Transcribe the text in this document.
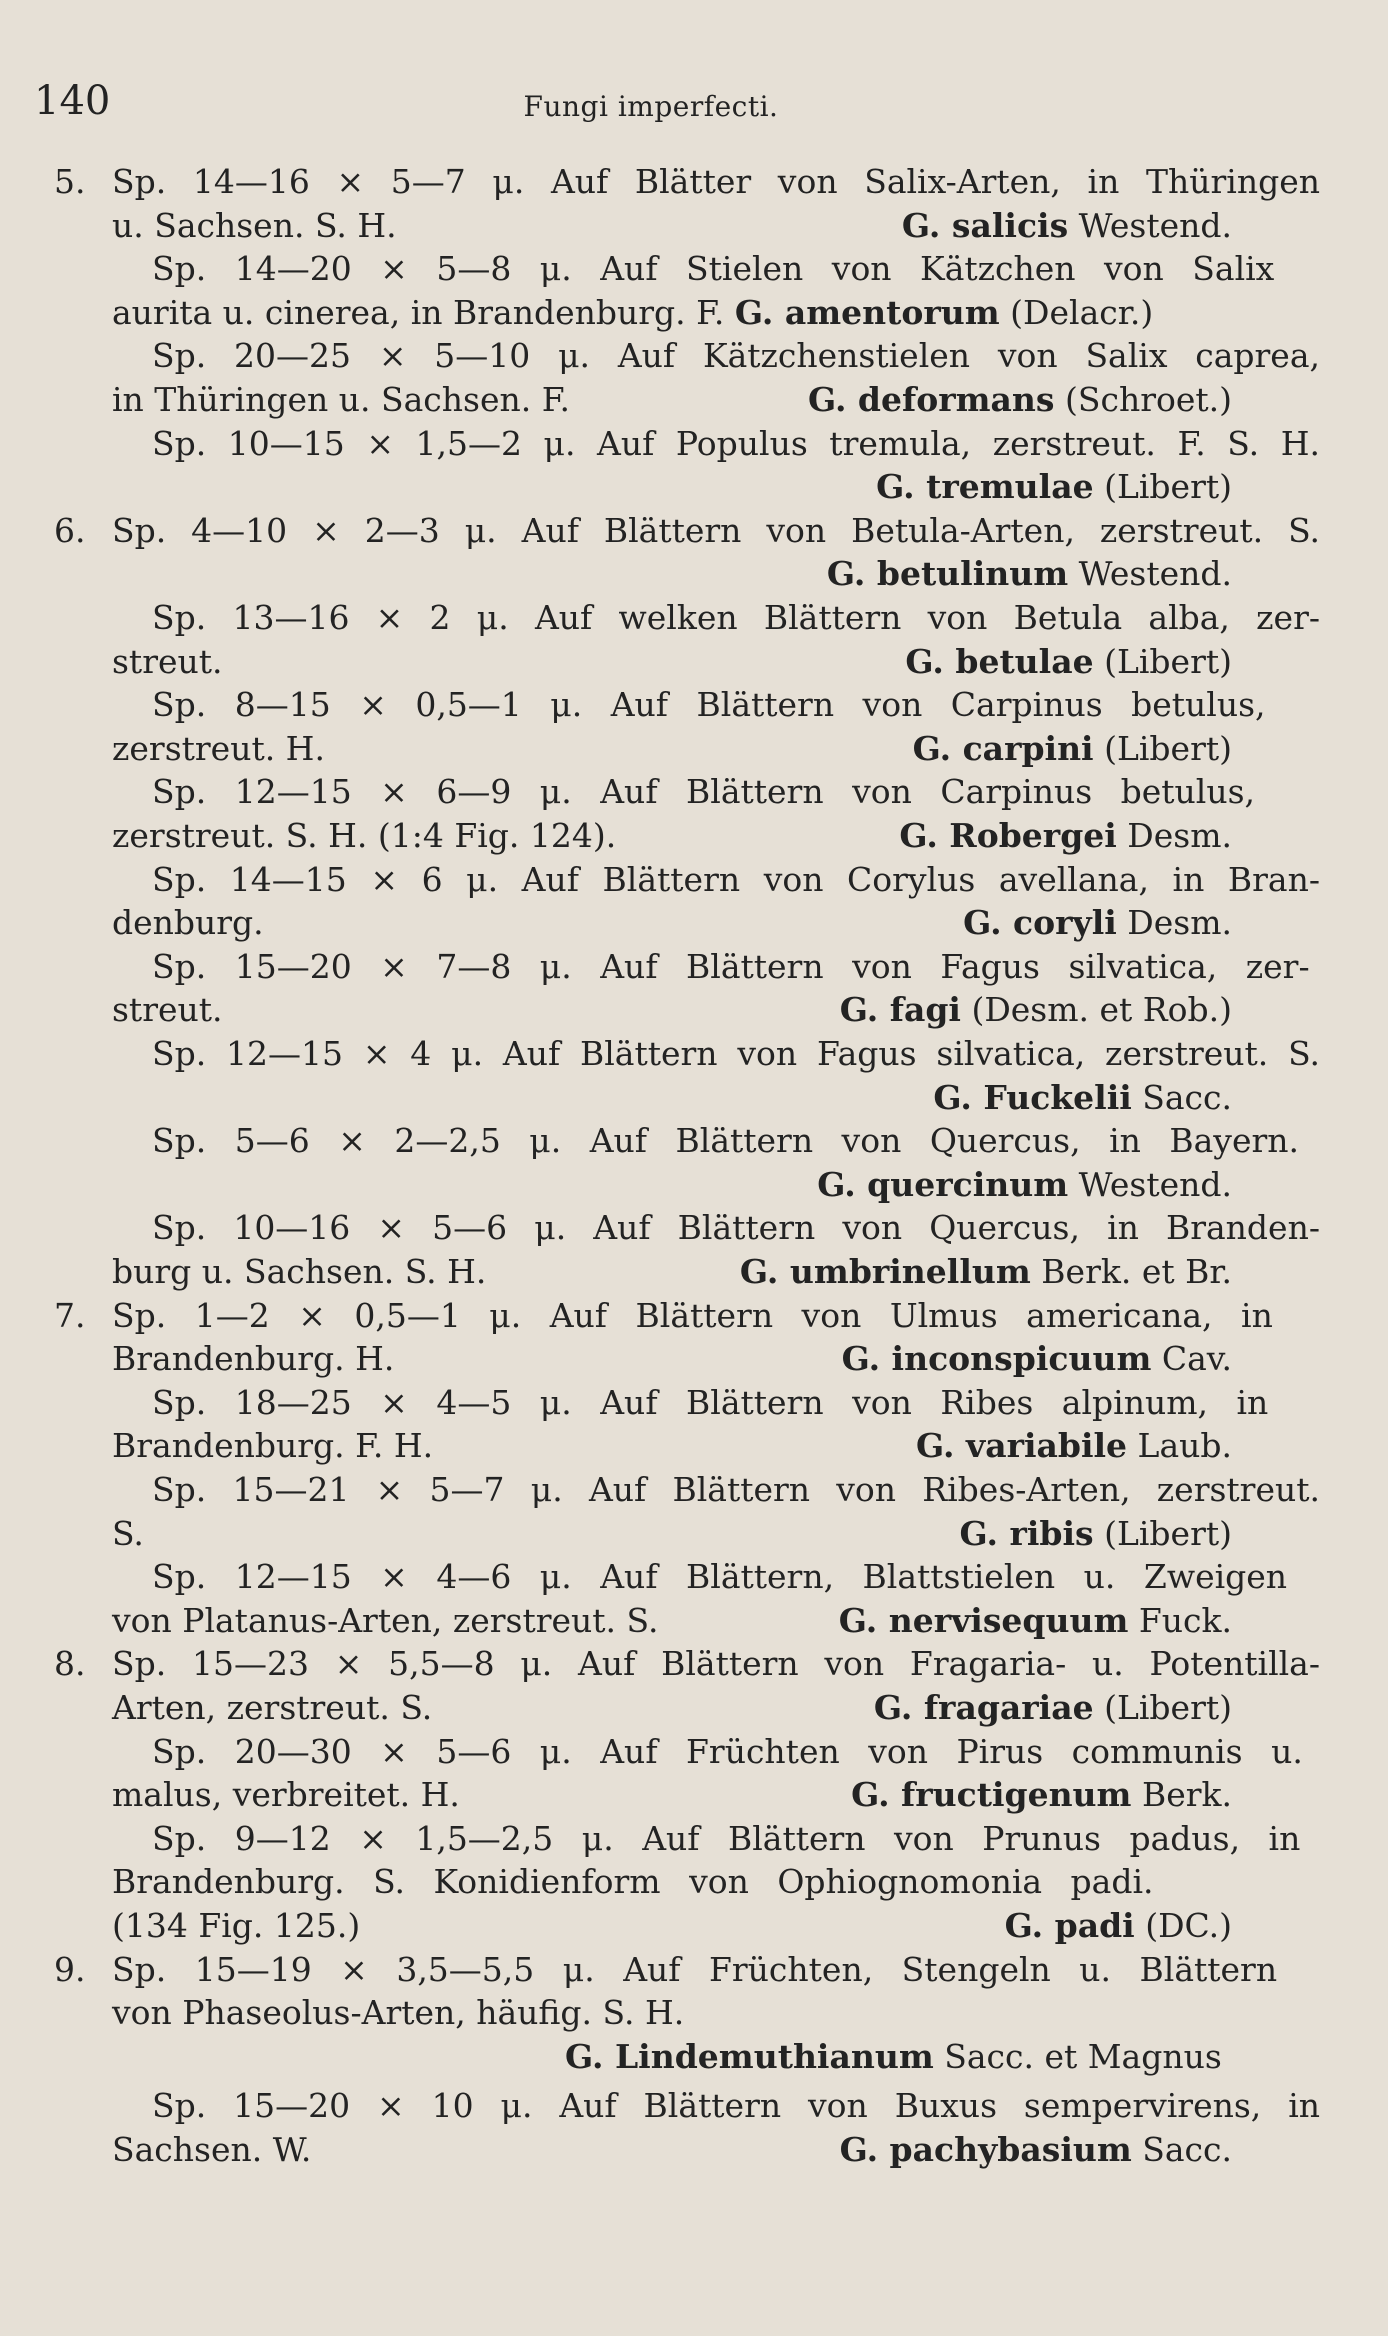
140	Fungi imperfecti.
5. Sp. 14—16 × 5—7 μ. Auf Blätter von Salix-Arten, in Thüringen
u. Sachsen. S. H.	G. salicis Westend.
Sp. 14—20 × 5—8 μ. Auf Stielen von Kätzchen von Salix
aurita u. cinerea, in Brandenburg. F. G. amentorum (Delacr.)
Sp. 20—25 × 5—10 μ. Auf Kätzchenstielen von Salix caprea,
in Thüringen u. Sachsen. F.	G. deformans (Schroet.)
Sp. 10—15 × 1,5—2 μ. Auf Populus tremula, zerstreut. F. S. H.
G. tremulae (Libert)
6. Sp. 4—10 × 2—3 μ. Auf Blättern von Betula-Arten, zerstreut. S.
G. betulinum Westend.
Sp. 13—16 × 2 μ. Auf welken Blättern von Betula alba, zer-
streut.	G. betulae (Libert)
Sp. 8—15 × 0,5—1 μ. Auf Blättern von Carpinus betulus,
zerstreut. H.	G. carpini (Libert)
Sp. 12—15 × 6—9 μ. Auf Blättern von Carpinus betulus,
zerstreut. S. H. (1:4 Fig. 124).	G. Robergei Desm.
Sp. 14—15 × 6 μ. Auf Blättern von Corylus avellana, in Bran-
denburg.	G. coryli Desm.
Sp. 15—20 × 7—8 μ. Auf Blättern von Fagus silvatica, zer-
streut.	G. fagi (Desm. et Rob.)
Sp. 12—15 × 4 μ. Auf Blättern von Fagus silvatica, zerstreut. S.
G. Fuckelii Sacc.
Sp. 5—6 × 2—2,5 μ. Auf Blättern von Quercus, in Bayern.
G. quercinum Westend.
Sp. 10—16 × 5—6 μ. Auf Blättern von Quercus, in Branden-
burg u. Sachsen. S. H.	G. umbrinellum Berk. et Br.
7. Sp. 1—2 × 0,5—1 μ. Auf Blättern von Ulmus americana, in
Brandenburg. H.	G. inconspicuum Cav.
Sp. 18—25 × 4—5 μ. Auf Blättern von Ribes alpinum, in
Brandenburg. F. H.	G. variabile Laub.
Sp. 15—21 × 5—7 μ. Auf Blättern von Ribes-Arten, zerstreut.
S.	G. ribis (Libert)
Sp. 12—15 × 4—6 μ. Auf Blättern, Blattstielen u. Zweigen
von Platanus-Arten, zerstreut. S.	G. nervisequum Fuck.
8. Sp. 15—23 × 5,5—8 μ. Auf Blättern von Fragaria- u. Potentilla-
Arten, zerstreut. S.	G. fragariae (Libert)
Sp. 20—30 × 5—6 μ. Auf Früchten von Pirus communis u.
malus, verbreitet. H.	G. fructigenum Berk.
Sp. 9—12 × 1,5—2,5 μ. Auf Blättern von Prunus padus, in
Brandenburg. S. Konidienform von Ophiognomonia padi.
(134 Fig. 125.)	G. padi (DC.)
9. Sp. 15—19 × 3,5—5,5 μ. Auf Früchten, Stengeln u. Blättern
von Phaseolus-Arten, häufig. S. H.
G. Lindemuthianum Sacc. et Magnus
Sp. 15—20 × 10 μ. Auf Blättern von Buxus sempervirens, in
Sachsen. W.	G. pachybasium Sacc.
